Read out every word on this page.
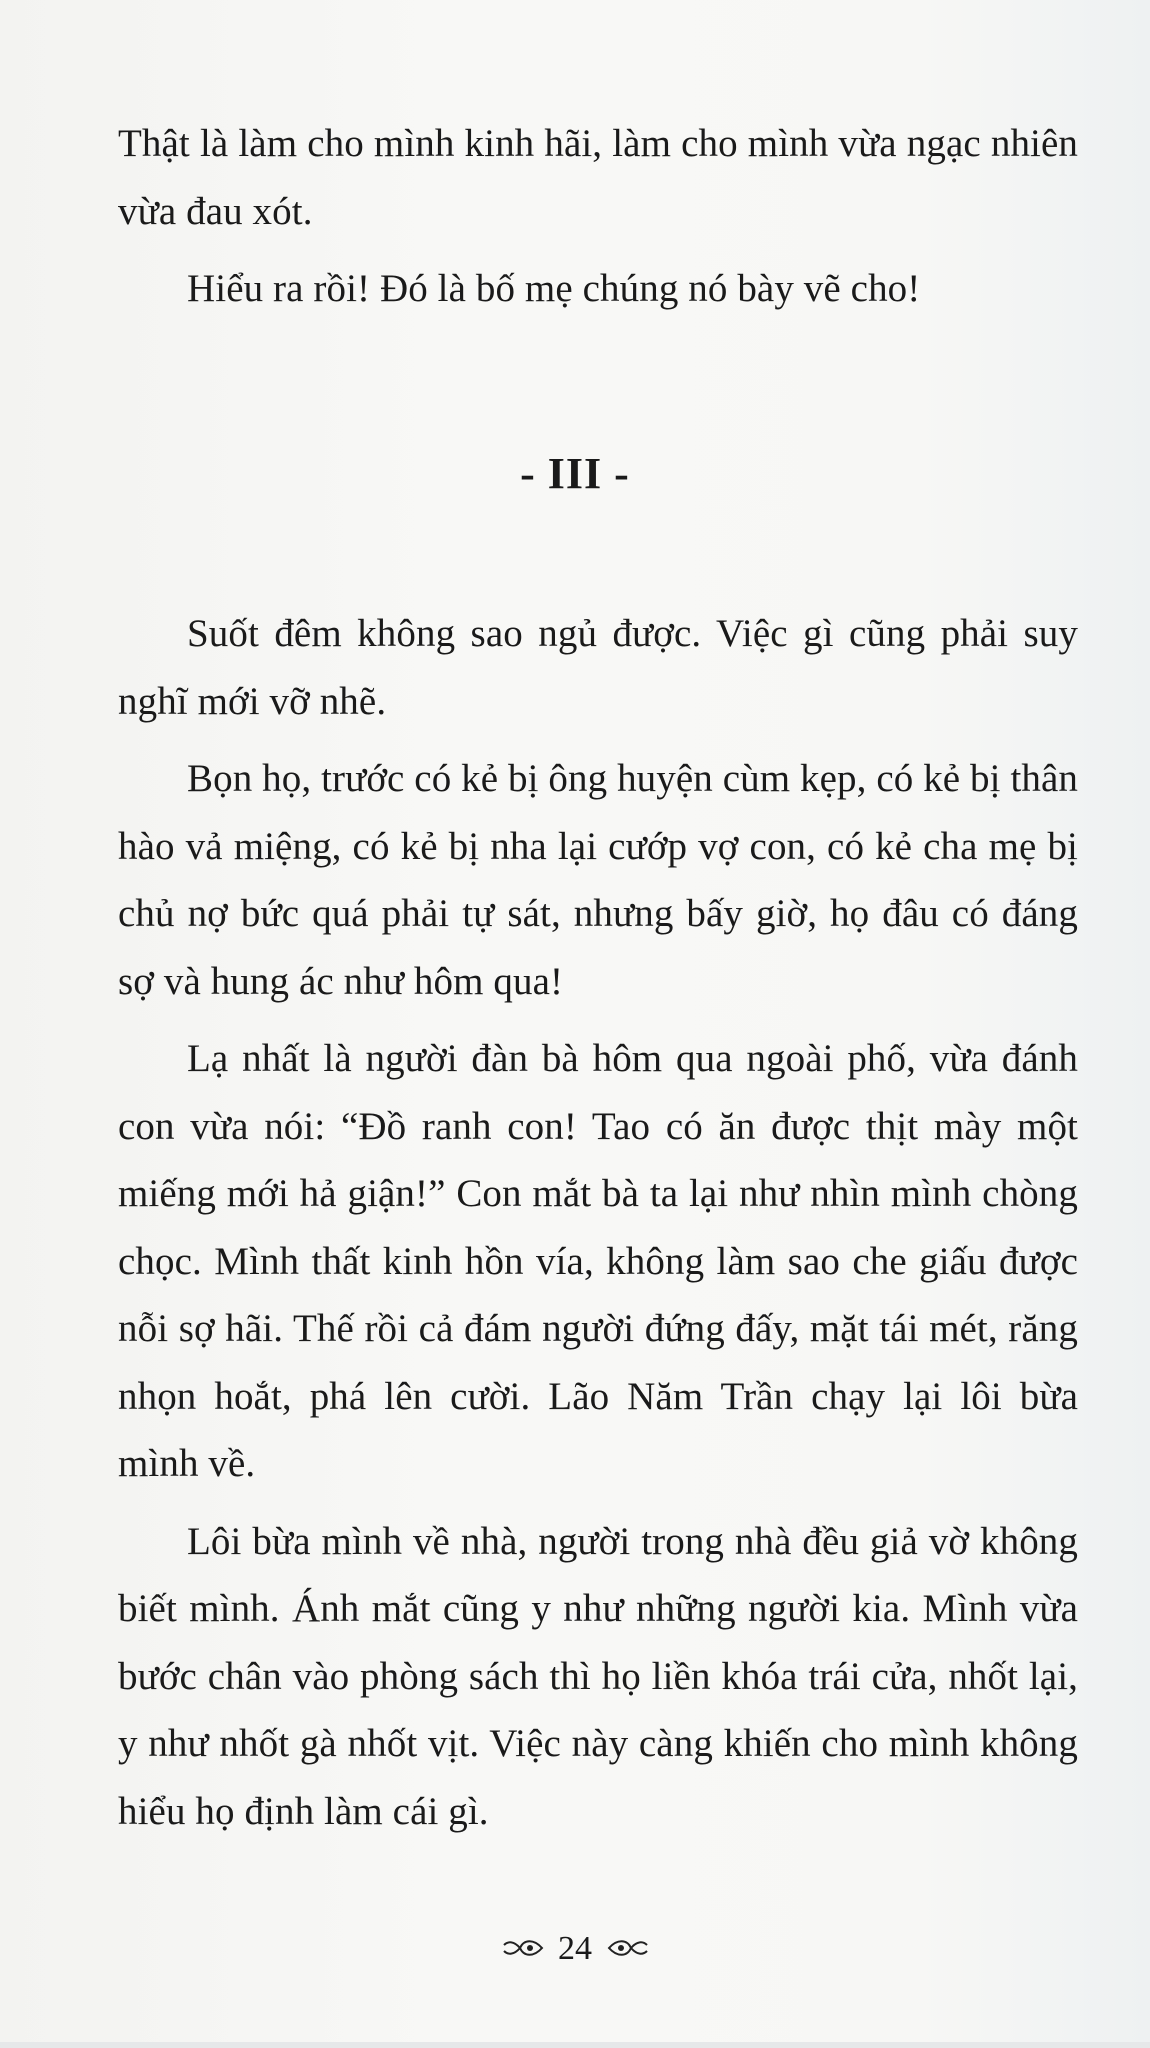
Thật là làm cho mình kinh hãi, làm cho mình vừa ngạc nhiên vừa đau xót.

Hiểu ra rồi! Đó là bố mẹ chúng nó bày vẽ cho!

- III -

Suốt đêm không sao ngủ được. Việc gì cũng phải suy nghĩ mới vỡ nhẽ.

Bọn họ, trước có kẻ bị ông huyện cùm kẹp, có kẻ bị thân hào vả miệng, có kẻ bị nha lại cướp vợ con, có kẻ cha mẹ bị chủ nợ bức quá phải tự sát, nhưng bấy giờ, họ đâu có đáng sợ và hung ác như hôm qua!

Lạ nhất là người đàn bà hôm qua ngoài phố, vừa đánh con vừa nói: “Đồ ranh con! Tao có ăn được thịt mày một miếng mới hả giận!” Con mắt bà ta lại như nhìn mình chòng chọc. Mình thất kinh hồn vía, không làm sao che giấu được nỗi sợ hãi. Thế rồi cả đám người đứng đấy, mặt tái mét, răng nhọn hoắt, phá lên cười. Lão Năm Trần chạy lại lôi bừa mình về.

Lôi bừa mình về nhà, người trong nhà đều giả vờ không biết mình. Ánh mắt cũng y như những người kia. Mình vừa bước chân vào phòng sách thì họ liền khóa trái cửa, nhốt lại, y như nhốt gà nhốt vịt. Việc này càng khiến cho mình không hiểu họ định làm cái gì.

24
